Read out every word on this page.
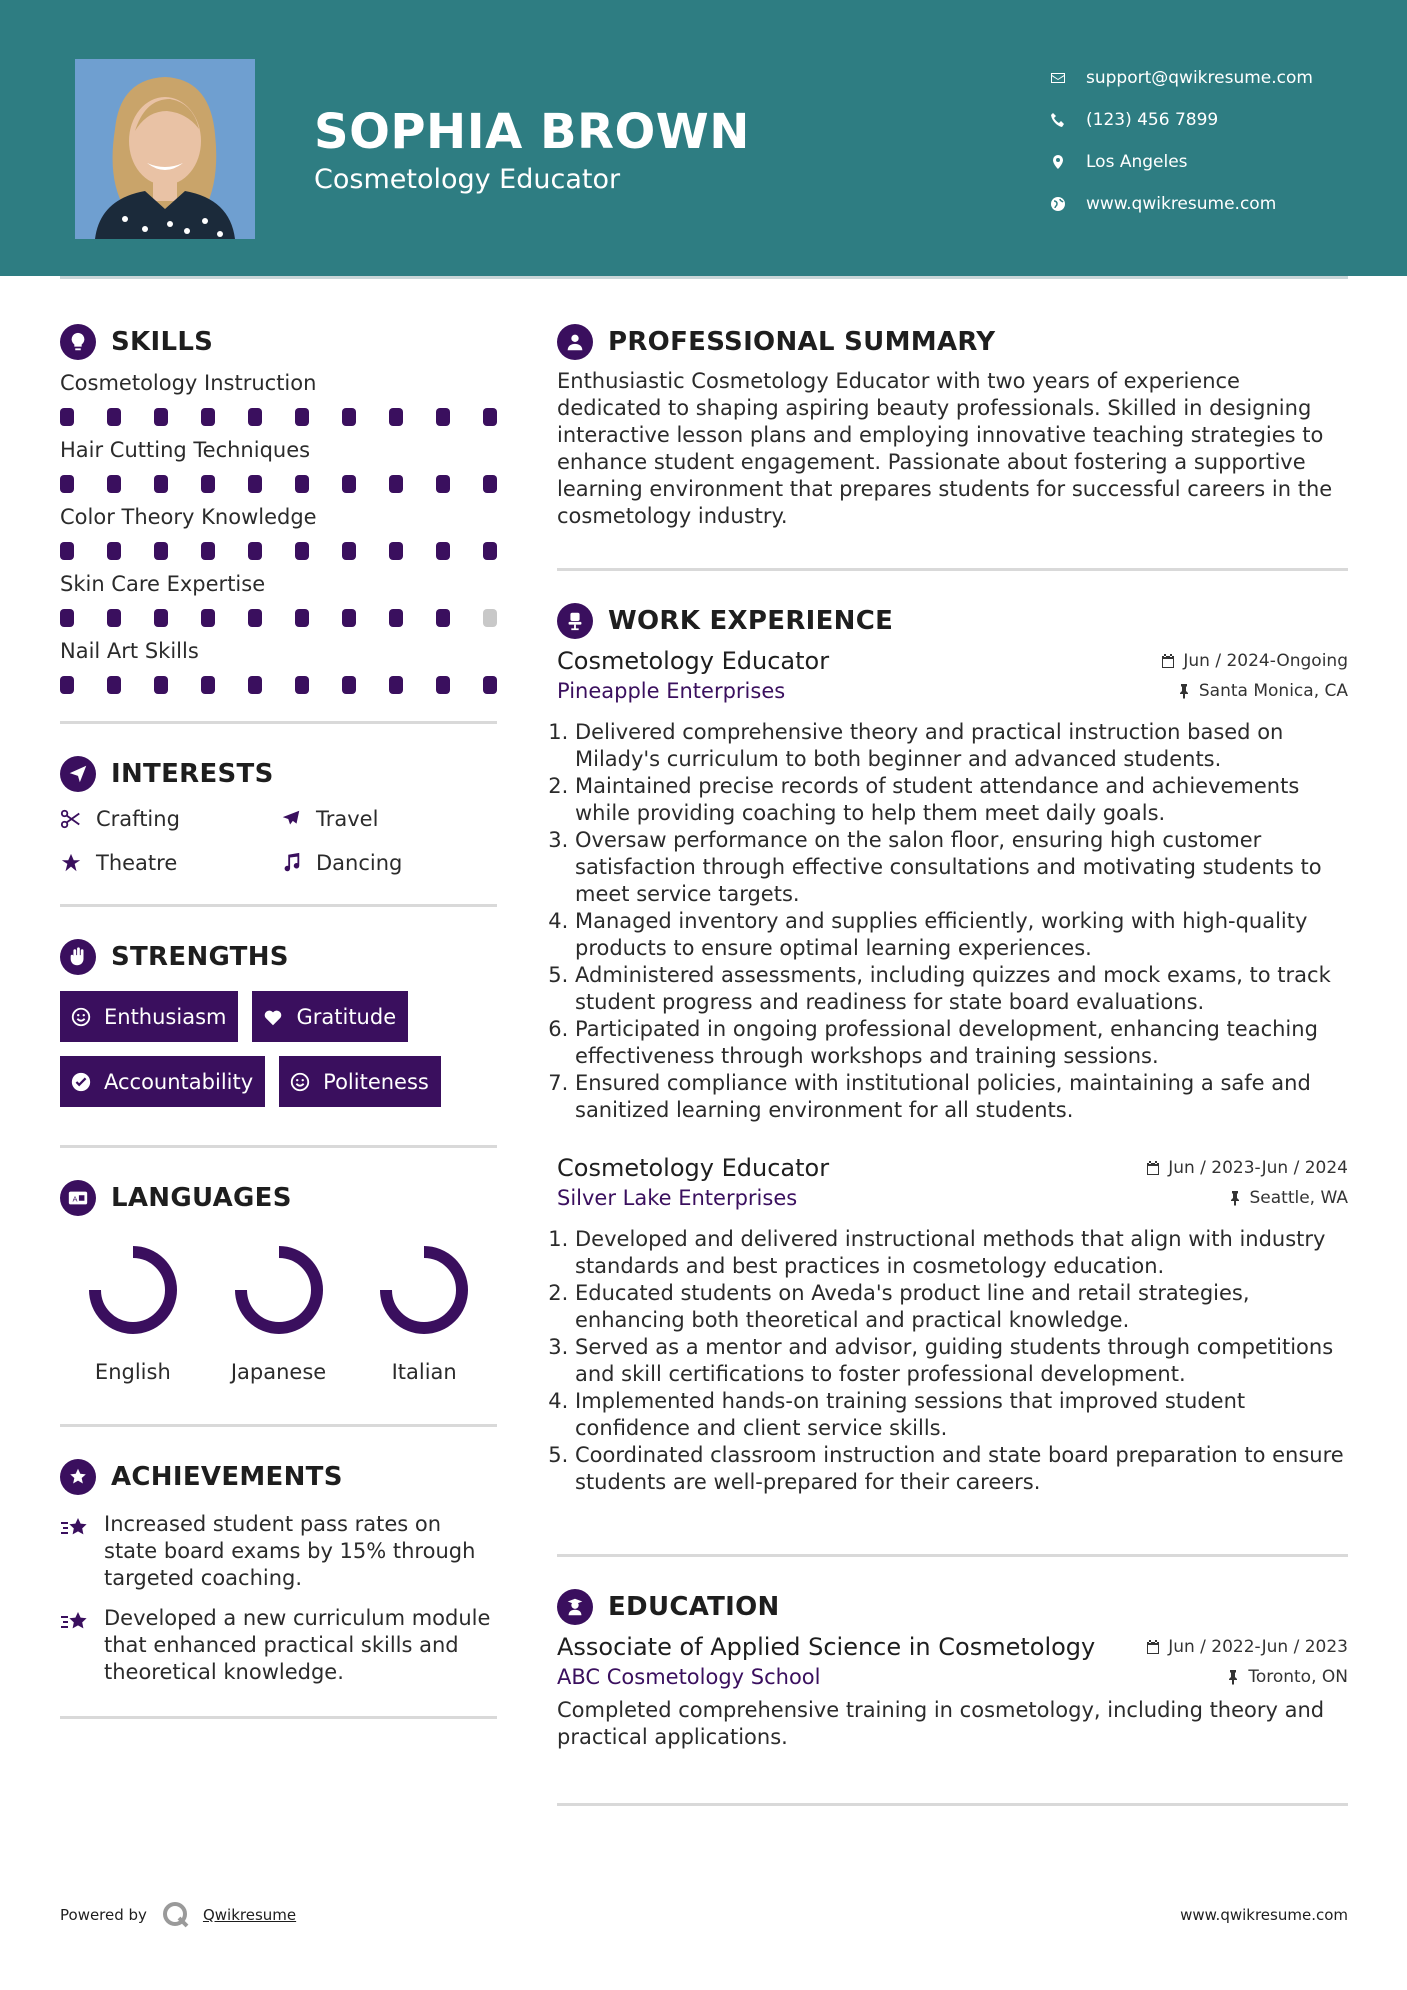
SOPHIA BROWN
Cosmetology Educator
support@qwikresume.com
(123) 456 7899
Los Angeles
www.qwikresume.com
SKILLS
Cosmetology Instruction
Hair Cutting Techniques
Color Theory Knowledge
Skin Care Expertise
Nail Art Skills
INTERESTS
Crafting	Travel
Theatre	Dancing
STRENGTHS
Enthusiasm	Gratitude
Accountability	Politeness
A LANGUAGES
English	Japanese	Italian
ACHIEVEMENTS
Increased student pass rates on state board exams by 15% through targeted coaching.
Developed a new curriculum module that enhanced practical skills and theoretical knowledge.
PROFESSIONAL SUMMARY

Enthusiastic Cosmetology Educator with two years of experience dedicated to shaping aspiring beauty professionals. Skilled in designing interactive lesson plans and employing innovative teaching strategies to enhance student engagement. Passionate about fostering a supportive learning environment that prepares students for successful careers in the cosmetology industry.

WORK EXPERIENCE
Cosmetology Educator	Jun / 2024-Ongoing
Pineapple Enterprises	Santa Monica, CA
1. Delivered comprehensive theory and practical instruction based on Milady's curriculum to both beginner and advanced students.
2. Maintained precise records of student attendance and achievements while providing coaching to help them meet daily goals.
3. Oversaw performance on the salon floor, ensuring high customer satisfaction through effective consultations and motivating students to meet service targets.
4. Managed inventory and supplies efficiently, working with high-quality products to ensure optimal learning experiences.
5. Administered assessments, including quizzes and mock exams, to track student progress and readiness for state board evaluations.
6. Participated in ongoing professional development, enhancing teaching effectiveness through workshops and training sessions.
7. Ensured compliance with institutional policies, maintaining a safe and sanitized learning environment for all students.
Cosmetology Educator	Jun / 2023-Jun / 2024
Silver Lake Enterprises	Seattle, WA
1. Developed and delivered instructional methods that align with industry standards and best practices in cosmetology education.
2. Educated students on Aveda's product line and retail strategies, enhancing both theoretical and practical knowledge.
3. Served as a mentor and advisor, guiding students through competitions and skill certifications to foster professional development.
4. Implemented hands-on training sessions that improved student confidence and client service skills.
5. Coordinated classroom instruction and state board preparation to ensure students are well-prepared for their careers.
EDUCATION
Associate of Applied Science in Cosmetology	Jun / 2022-Jun / 2023
ABC Cosmetology School	Toronto, ON

Completed comprehensive training in cosmetology, including theory and practical applications.

Powered by	Qwikresume	www.qwikresume.com
